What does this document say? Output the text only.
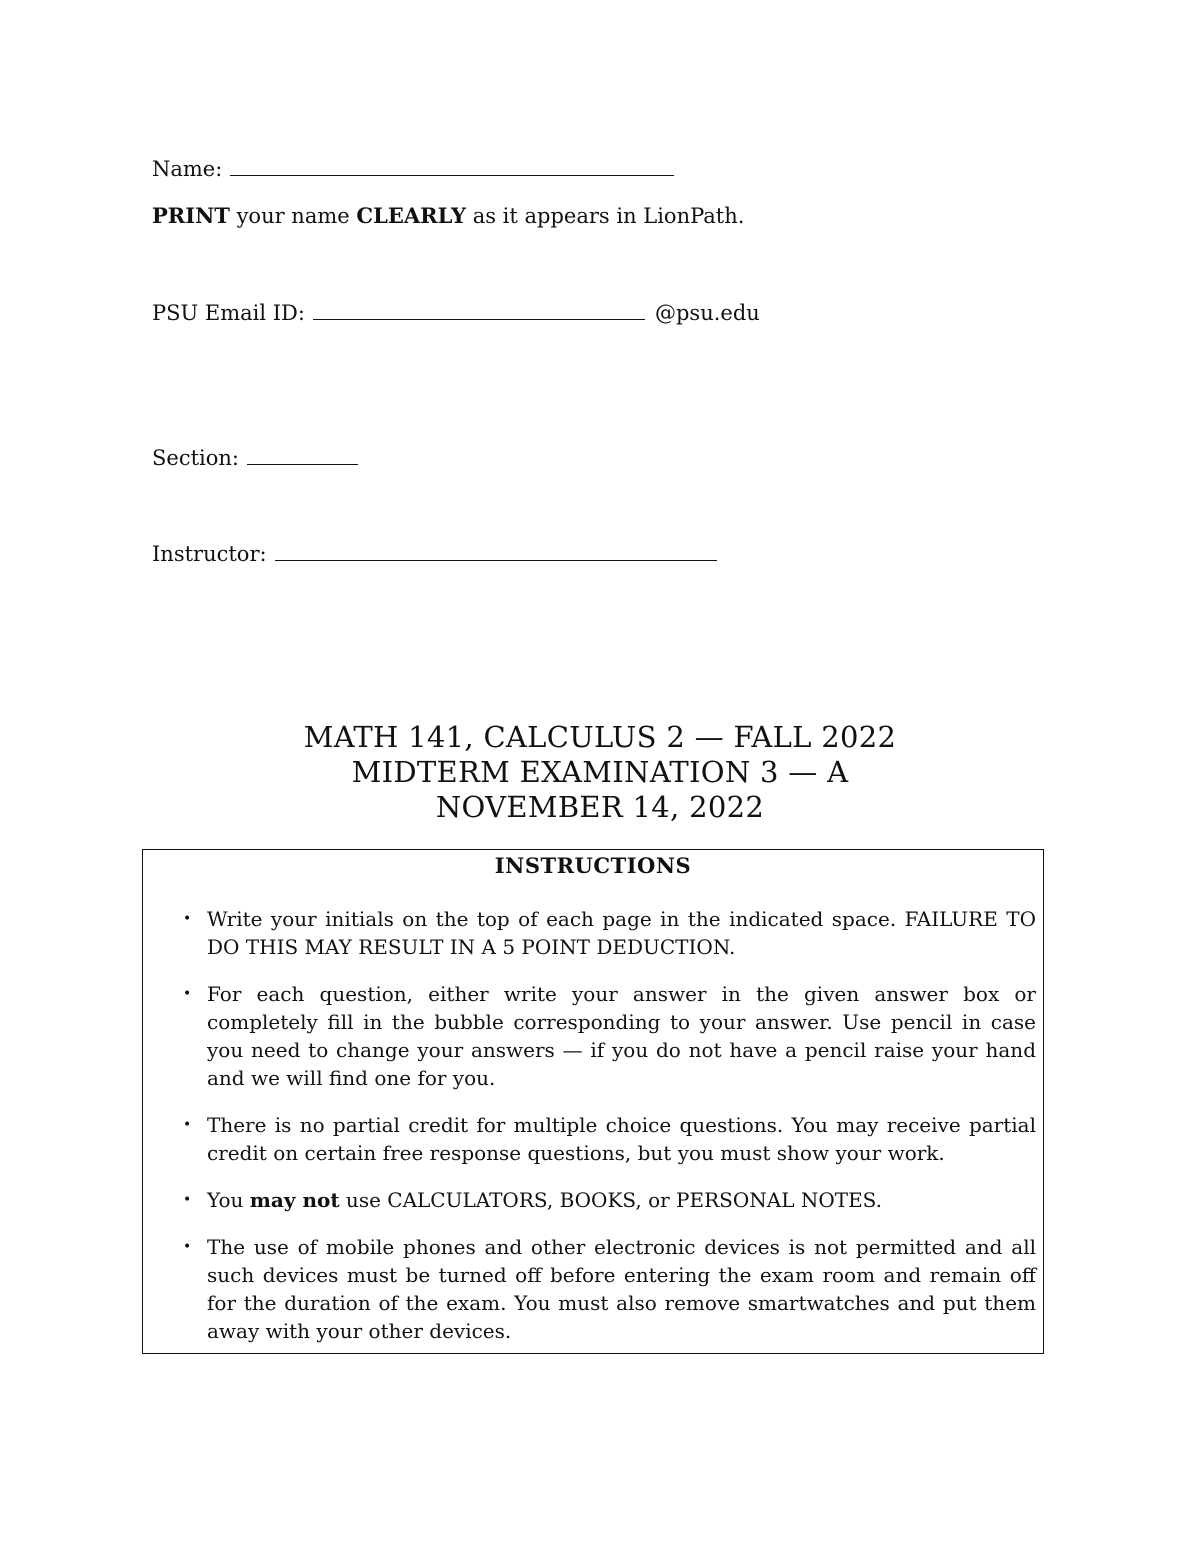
Name:
PRINT your name CLEARLY as it appears in LionPath.
PSU Email ID:	@psu.edu
Section:
Instructor:
MATH 141, CALCULUS 2 — FALL 2022
MIDTERM EXAMINATION 3 — A
NOVEMBER 14, 2022
INSTRUCTIONS
• Write your initials on the top of each page in the indicated space. FAILURE TO DO THIS MAY RESULT IN A 5 POINT DEDUCTION.
• For each question, either write your answer in the given answer box or completely fill in the bubble corresponding to your answer. Use pencil in case you need to change your answers — if you do not have a pencil raise your hand and we will find one for you.
• There is no partial credit for multiple choice questions. You may receive partial credit on certain free response questions, but you must show your work.
• You may not use CALCULATORS, BOOKS, or PERSONAL NOTES.
• The use of mobile phones and other electronic devices is not permitted and all such devices must be turned off before entering the exam room and remain off for the duration of the exam. You must also remove smartwatches and put them away with your other devices.
